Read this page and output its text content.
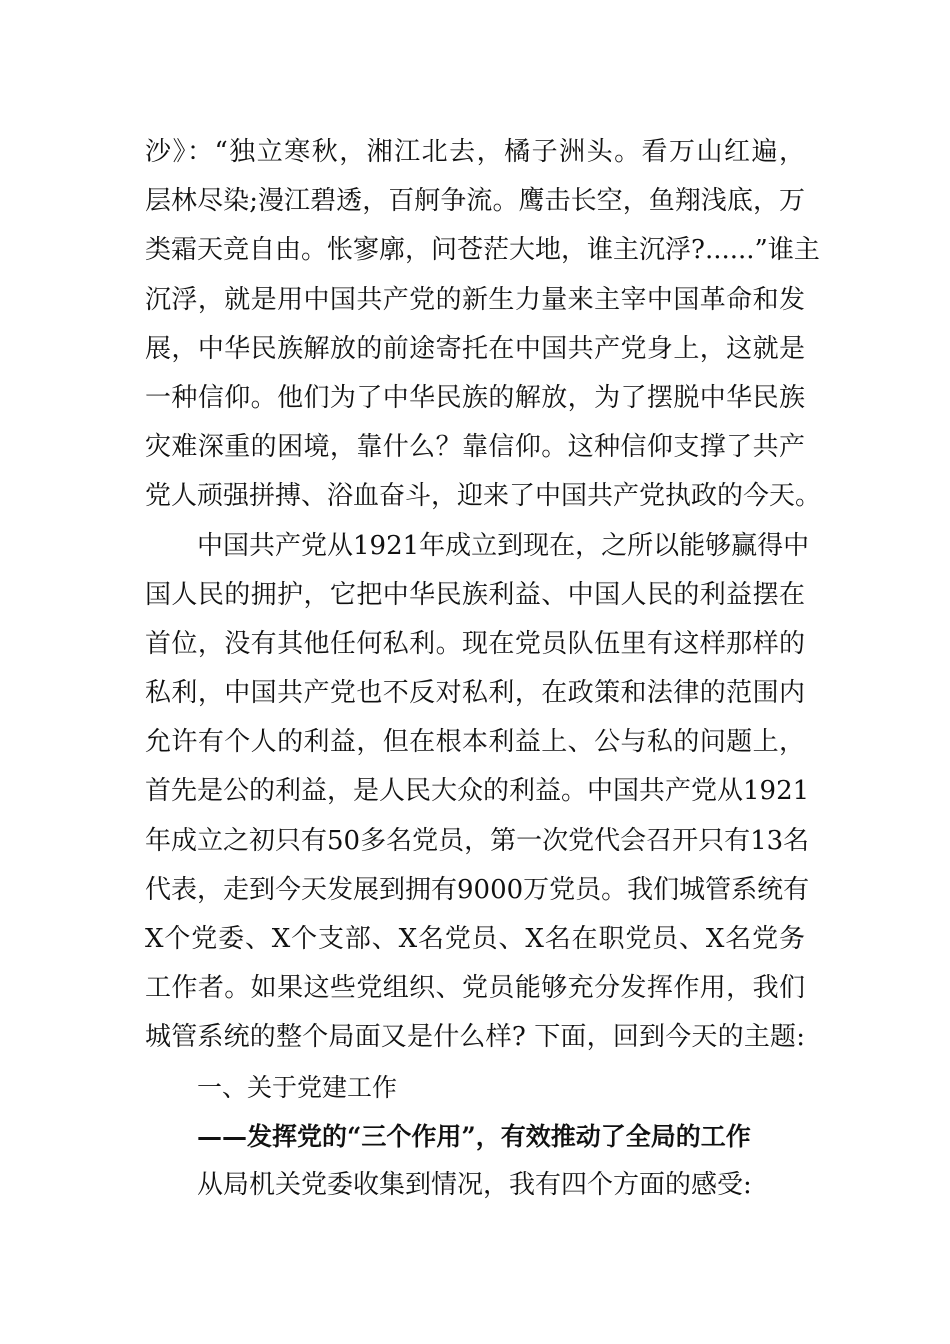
沙》：“独立寒秋，湘江北去，橘子洲头。看万山红遍，
层林尽染;漫江碧透，百舸争流。鹰击长空，鱼翔浅底，万
类霜天竞自由。怅寥廓，问苍茫大地，谁主沉浮?......”谁主
沉浮，就是用中国共产党的新生力量来主宰中国革命和发
展，中华民族解放的前途寄托在中国共产党身上，这就是
一种信仰。他们为了中华民族的解放，为了摆脱中华民族
灾难深重的困境，靠什么？靠信仰。这种信仰支撑了共产
党人顽强拼搏、浴血奋斗，迎来了中国共产党执政的今天。
中国共产党从1921年成立到现在，之所以能够赢得中
国人民的拥护，它把中华民族利益、中国人民的利益摆在
首位，没有其他任何私利。现在党员队伍里有这样那样的
私利，中国共产党也不反对私利，在政策和法律的范围内
允许有个人的利益，但在根本利益上、公与私的问题上，
首先是公的利益，是人民大众的利益。中国共产党从1921
年成立之初只有50多名党员，第一次党代会召开只有13名
代表，走到今天发展到拥有9000万党员。我们城管系统有
X个党委、X个支部、X名党员、X名在职党员、X名党务
工作者。如果这些党组织、党员能够充分发挥作用，我们
城管系统的整个局面又是什么样? 下面，回到今天的主题:
一、关于党建工作
——发挥党的“三个作用”，有效推动了全局的工作
从局机关党委收集到情况，我有四个方面的感受:
